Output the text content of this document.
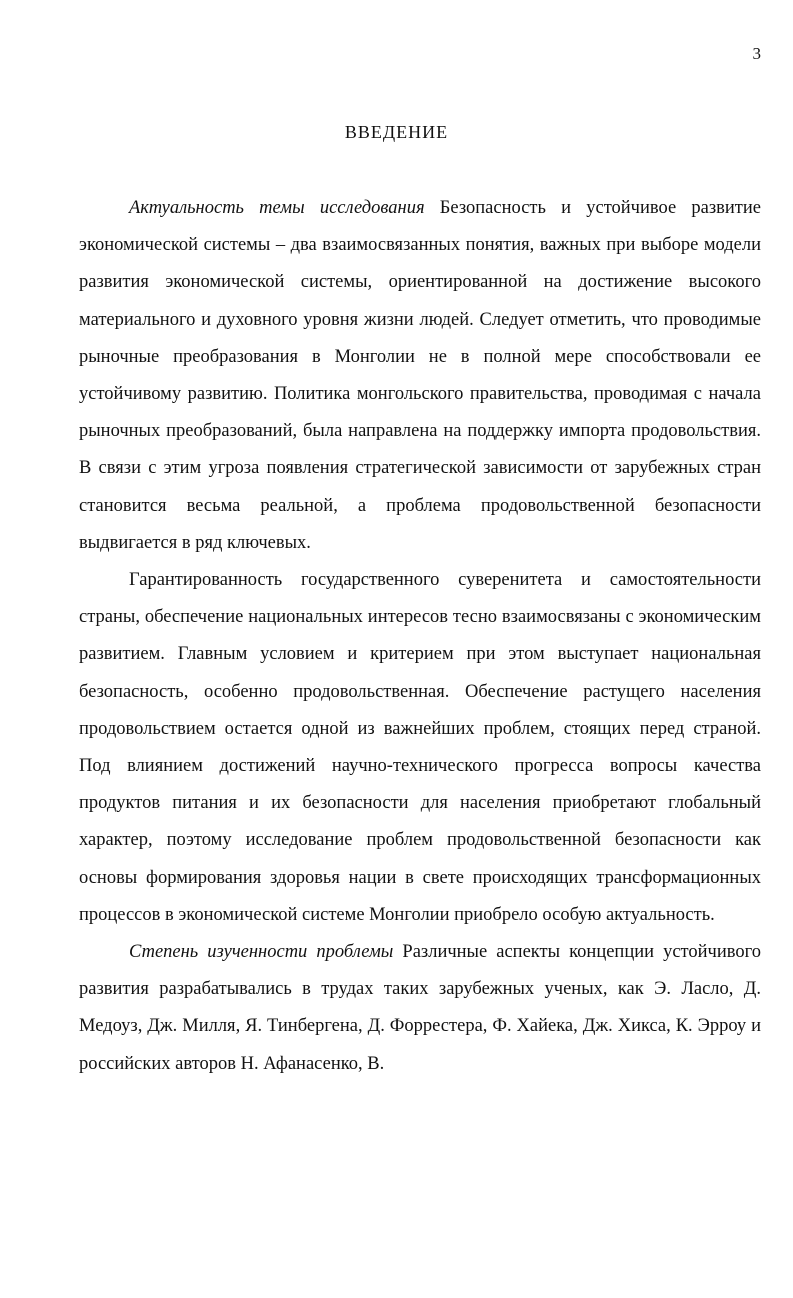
3
ВВЕДЕНИЕ

Актуальность темы исследования Безопасность и устойчивое развитие экономической системы – два взаимосвязанных понятия, важных при выборе модели развития экономической системы, ориентированной на достижение высокого материального и духовного уровня жизни людей. Следует отметить, что проводимые рыночные преобразования в Монголии не в полной мере способствовали ее устойчивому развитию. Политика монгольского правительства, проводимая с начала рыночных преобразований, была направлена на поддержку импорта продовольствия. В связи с этим угроза появления стратегической зависимости от зарубежных стран становится весьма реальной, а проблема продовольственной безопасности выдвигается в ряд ключевых.

Гарантированность государственного суверенитета и самостоятельности страны, обеспечение национальных интересов тесно взаимосвязаны с экономическим развитием. Главным условием и критерием при этом выступает национальная безопасность, особенно продовольственная. Обеспечение растущего населения продовольствием остается одной из важнейших проблем, стоящих перед страной. Под влиянием достижений научно-технического прогресса вопросы качества продуктов питания и их безопасности для населения приобретают глобальный характер, поэтому исследование проблем продовольственной безопасности как основы формирования здоровья нации в свете происходящих трансформационных процессов в экономической системе Монголии приобрело особую актуальность.

Степень изученности проблемы Различные аспекты концепции устойчивого развития разрабатывались в трудах таких зарубежных ученых, как Э. Ласло, Д. Медоуз, Дж. Милля, Я. Тинбергена, Д. Форрестера, Ф. Хайека, Дж. Хикса, К. Эрроу и российских авторов Н. Афанасенко, В.
